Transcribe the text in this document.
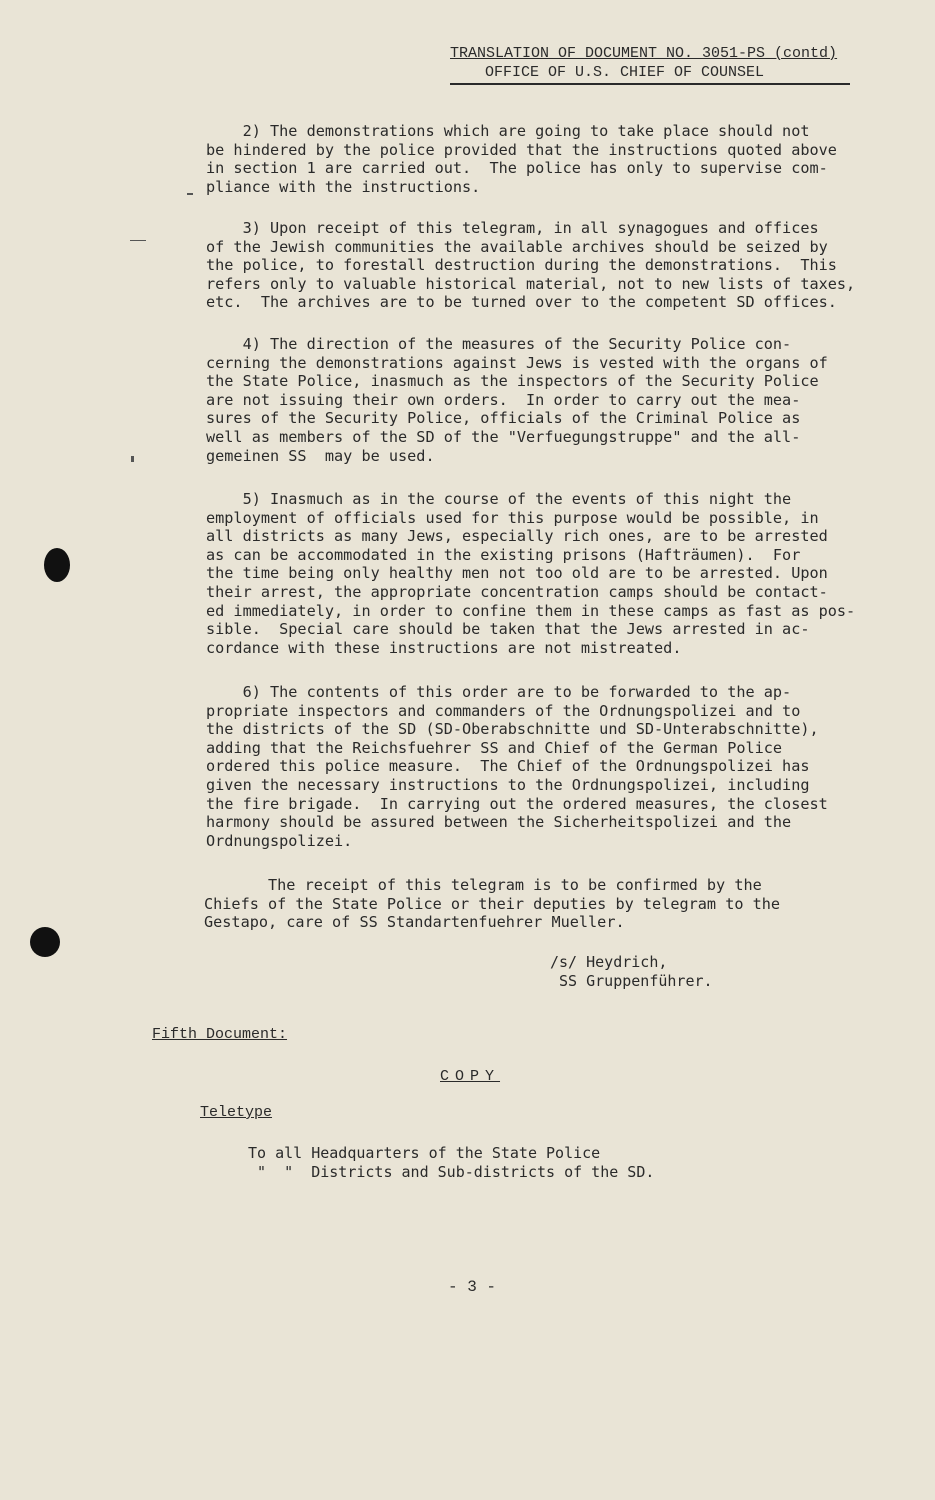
TRANSLATION OF DOCUMENT NO. 3051-PS (contd)
OFFICE OF U.S. CHIEF OF COUNSEL
2) The demonstrations which are going to take place should not
be hindered by the police provided that the instructions quoted above
in section 1 are carried out.  The police has only to supervise com-
pliance with the instructions.
3) Upon receipt of this telegram, in all synagogues and offices
of the Jewish communities the available archives should be seized by
the police, to forestall destruction during the demonstrations.  This
refers only to valuable historical material, not to new lists of taxes,
etc.  The archives are to be turned over to the competent SD offices.
4) The direction of the measures of the Security Police con-
cerning the demonstrations against Jews is vested with the organs of
the State Police, inasmuch as the inspectors of the Security Police
are not issuing their own orders.  In order to carry out the mea-
sures of the Security Police, officials of the Criminal Police as
well as members of the SD of the "Verfuegungstruppe" and the all-
gemeinen SS  may be used.
5) Inasmuch as in the course of the events of this night the
employment of officials used for this purpose would be possible, in
all districts as many Jews, especially rich ones, are to be arrested
as can be accommodated in the existing prisons (Hafträumen).  For
the time being only healthy men not too old are to be arrested. Upon
their arrest, the appropriate concentration camps should be contact-
ed immediately, in order to confine them in these camps as fast as pos-
sible.  Special care should be taken that the Jews arrested in ac-
cordance with these instructions are not mistreated.
6) The contents of this order are to be forwarded to the ap-
propriate inspectors and commanders of the Ordnungspolizei and to
the districts of the SD (SD-Oberabschnitte und SD-Unterabschnitte),
adding that the Reichsfuehrer SS and Chief of the German Police
ordered this police measure.  The Chief of the Ordnungspolizei has
given the necessary instructions to the Ordnungspolizei, including
the fire brigade.  In carrying out the ordered measures, the closest
harmony should be assured between the Sicherheitspolizei and the
Ordnungspolizei.
The receipt of this telegram is to be confirmed by the
Chiefs of the State Police or their deputies by telegram to the
Gestapo, care of SS Standartenfuehrer Mueller.
/s/ Heydrich,
SS Gruppenführer.
Fifth Document:
COPY
Teletype
To all Headquarters of the State Police
"  "  Districts and Sub-districts of the SD.
- 3 -
